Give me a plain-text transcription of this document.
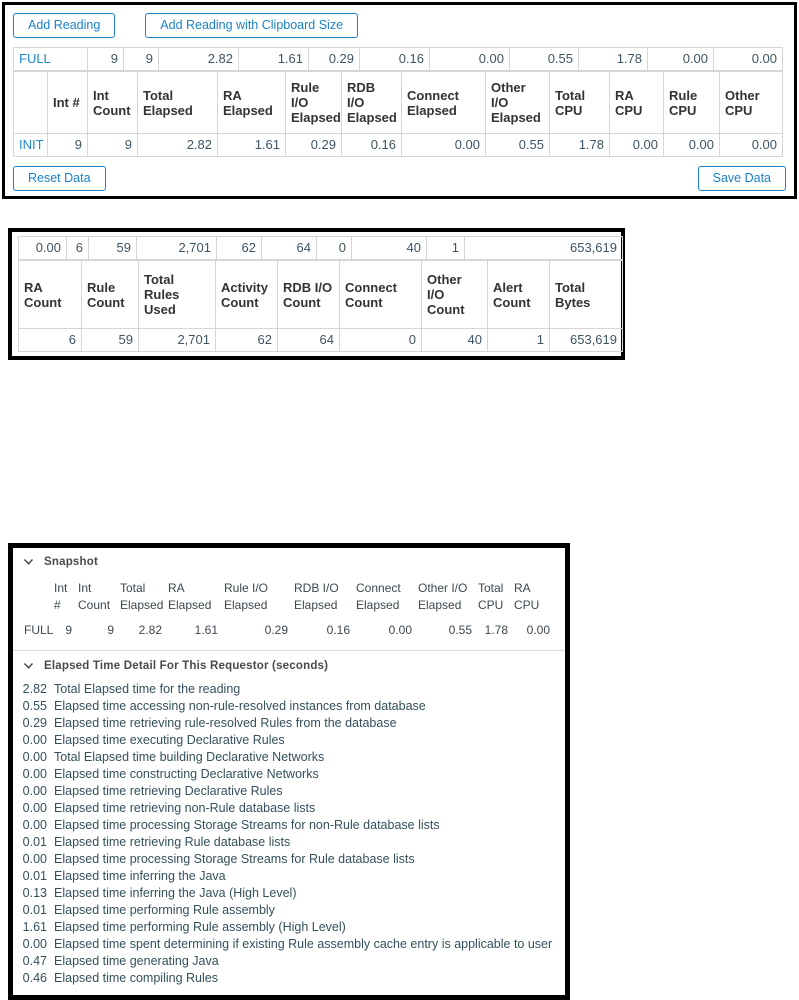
Add Reading	Add Reading with Clipboard Size
FULL	9	9	2.82	1.61	0.29	0.16	0.00	0.55	1.78	0.00	0.00
	Int #	Int Count	Total Elapsed	RA Elapsed	Rule I/O Elapsed	RDB I/O Elapsed	Connect Elapsed	Other I/O Elapsed	Total CPU	RA CPU	Rule CPU	Other CPU
INIT	9	9	2.82	1.61	0.29	0.16	0.00	0.55	1.78	0.00	0.00	0.00
Reset Data	Save Data
0.00	6	59	2,701	62	64	0	40	1	653,619
RA Count	Rule Count	Total Rules Used	Activity Count	RDB I/O Count	Connect Count	Other I/O Count	Alert Count	Total Bytes
6	59	2,701	62	64	0	40	1	653,619
Snapshot
	Int #	Int Count	Total Elapsed	RA Elapsed	Rule I/O Elapsed	RDB I/O Elapsed	Connect Elapsed	Other I/O Elapsed	Total CPU	RA CPU
FULL	9	9	2.82	1.61	0.29	0.16	0.00	0.55	1.78	0.00
Elapsed Time Detail For This Requestor (seconds)
2.82 Total Elapsed time for the reading
0.55 Elapsed time accessing non-rule-resolved instances from database
0.29 Elapsed time retrieving rule-resolved Rules from the database
0.00 Elapsed time executing Declarative Rules
0.00 Total Elapsed time building Declarative Networks
0.00 Elapsed time constructing Declarative Networks
0.00 Elapsed time retrieving Declarative Rules
0.00 Elapsed time retrieving non-Rule database lists
0.00 Elapsed time processing Storage Streams for non-Rule database lists
0.01 Elapsed time retrieving Rule database lists
0.00 Elapsed time processing Storage Streams for Rule database lists
0.01 Elapsed time inferring the Java
0.13 Elapsed time inferring the Java (High Level)
0.01 Elapsed time performing Rule assembly
1.61 Elapsed time performing Rule assembly (High Level)
0.00 Elapsed time spent determining if existing Rule assembly cache entry is applicable to user
0.47 Elapsed time generating Java
0.46 Elapsed time compiling Rules
